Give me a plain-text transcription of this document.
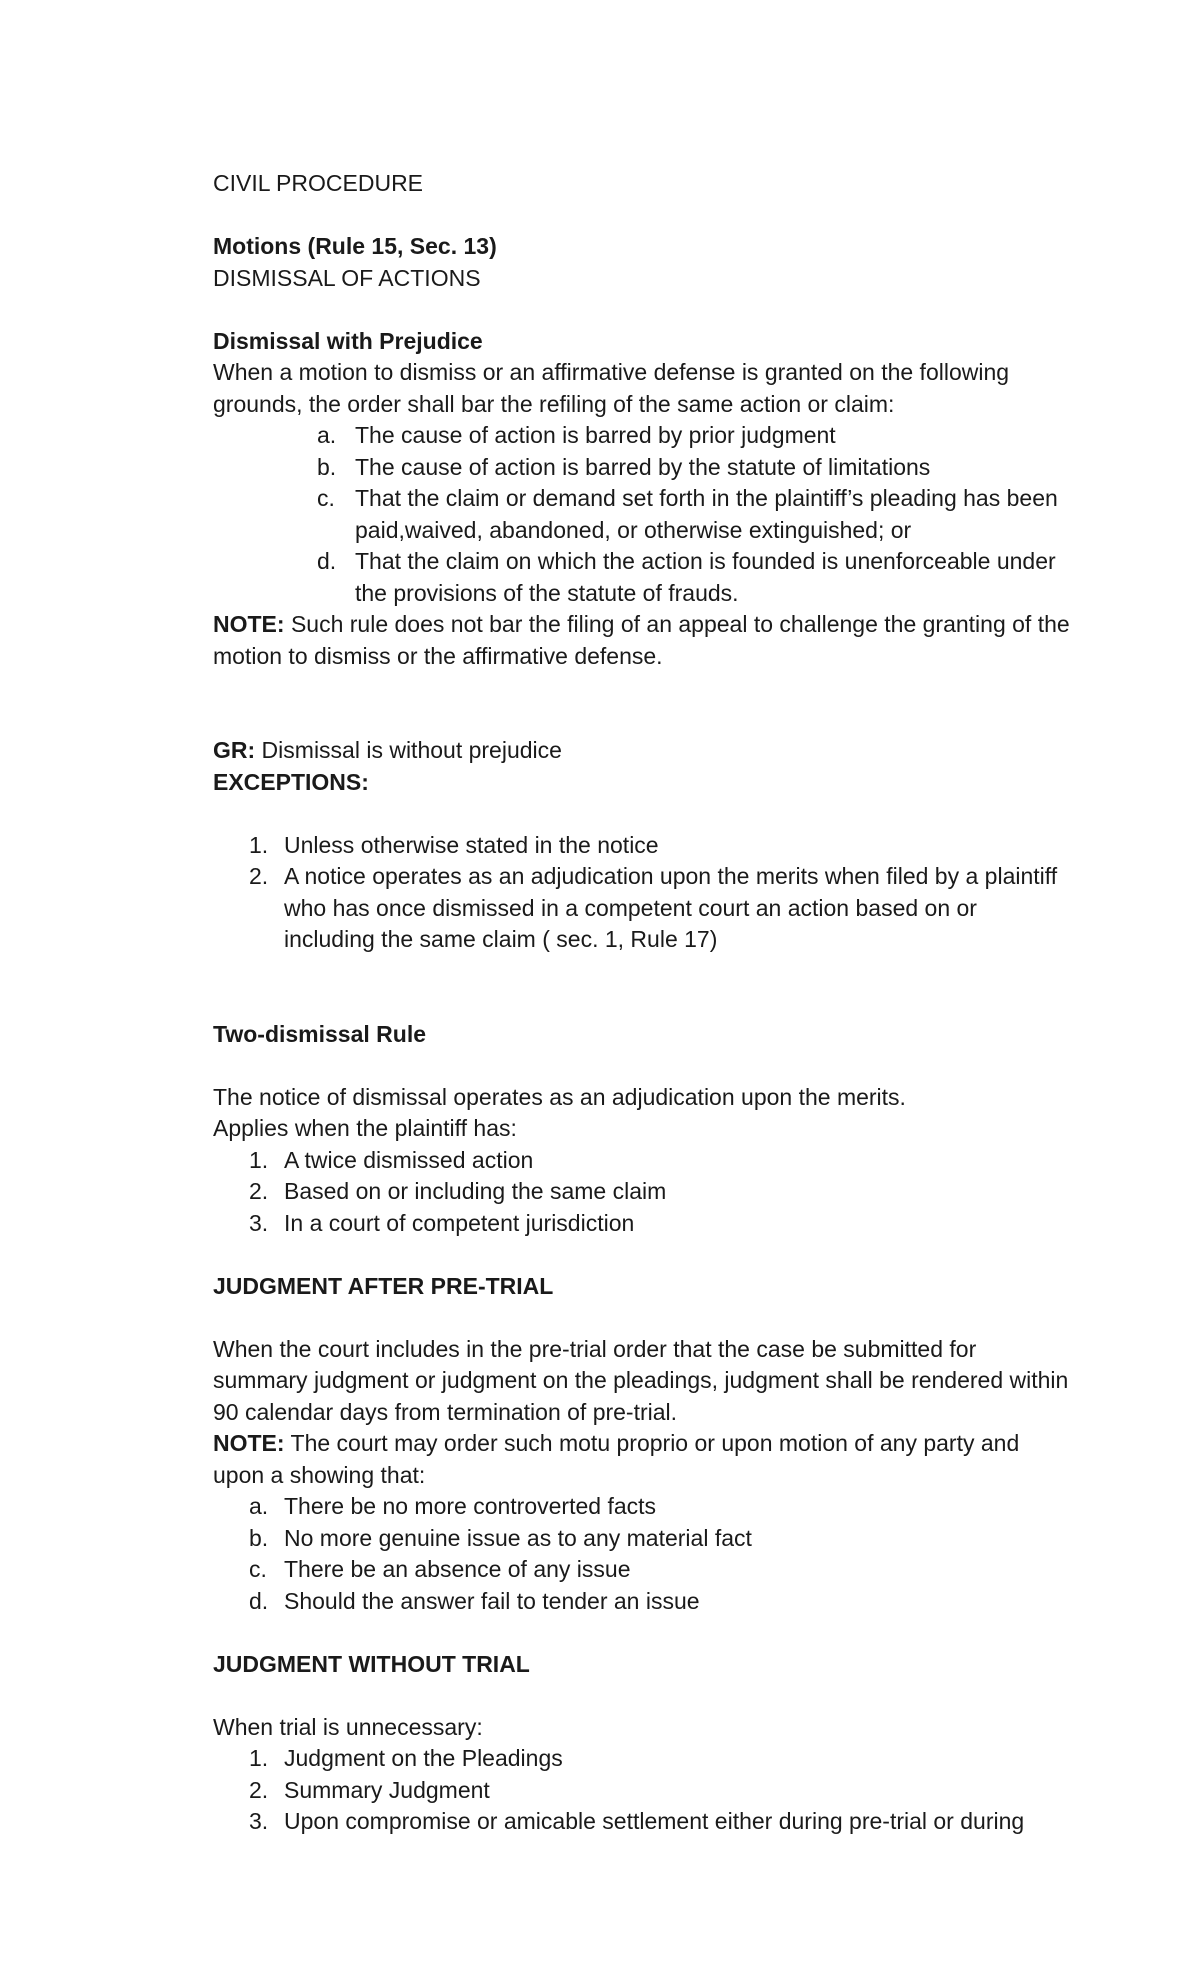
CIVIL PROCEDURE

Motions (Rule 15, Sec. 13)

DISMISSAL OF ACTIONS

Dismissal with Prejudice

When a motion to dismiss or an affirmative defense is granted on the following grounds, the order shall bar the refiling of the same action or claim:

a. The cause of action is barred by prior judgment

b. The cause of action is barred by the statute of limitations

c. That the claim or demand set forth in the plaintiff’s pleading has been paid,waived, abandoned, or otherwise extinguished; or

d. That the claim on which the action is founded is unenforceable under the provisions of the statute of frauds.

NOTE: Such rule does not bar the filing of an appeal to challenge the granting of the motion to dismiss or the affirmative defense.

GR: Dismissal is without prejudice

EXCEPTIONS:

1. Unless otherwise stated in the notice

2. A notice operates as an adjudication upon the merits when filed by a plaintiff who has once dismissed in a competent court an action based on or including the same claim ( sec. 1, Rule 17)

Two-dismissal Rule

The notice of dismissal operates as an adjudication upon the merits.

Applies when the plaintiff has:

1. A twice dismissed action

2. Based on or including the same claim

3. In a court of competent jurisdiction

JUDGMENT AFTER PRE-TRIAL

When the court includes in the pre-trial order that the case be submitted for summary judgment or judgment on the pleadings, judgment shall be rendered within 90 calendar days from termination of pre-trial.

NOTE: The court may order such motu proprio or upon motion of any party and upon a showing that:

a. There be no more controverted facts

b. No more genuine issue as to any material fact

c. There be an absence of any issue

d. Should the answer fail to tender an issue

JUDGMENT WITHOUT TRIAL

When trial is unnecessary:

1. Judgment on the Pleadings

2. Summary Judgment

3. Upon compromise or amicable settlement either during pre-trial or during
